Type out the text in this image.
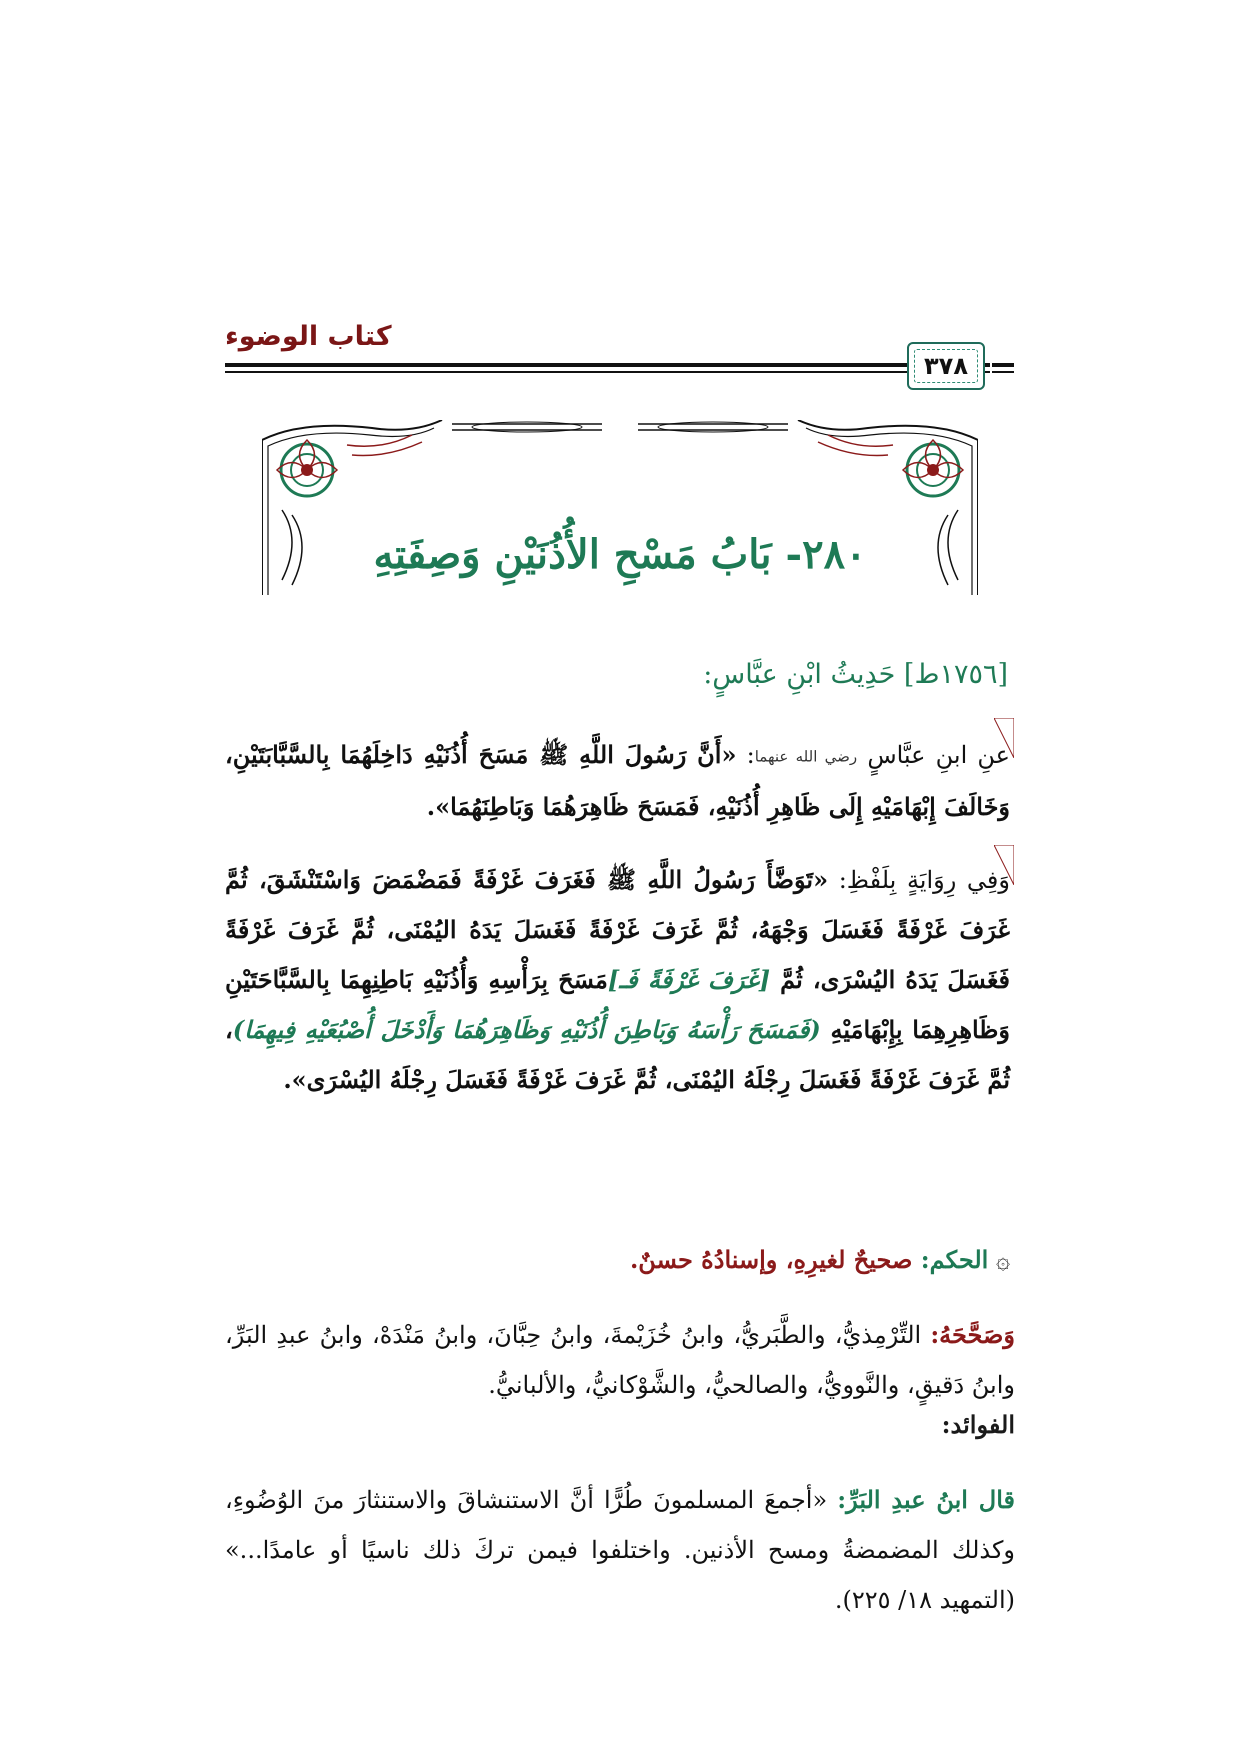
كتاب الوضوء
٣٧٨
٢٨٠- بَابُ مَسْحِ الأُذُنَيْنِ وَصِفَتِهِ
[١٧٥٦ط] حَدِيثُ ابْنِ عبَّاسٍ:
عنِ ابنِ عبَّاسٍ رضي الله عنهما: «أَنَّ رَسُولَ اللَّهِ ﷺ مَسَحَ أُذُنَيْهِ دَاخِلَهُمَا بِالسَّبَّابَتَيْنِ، وَخَالَفَ إِبْهَامَيْهِ إِلَى ظَاهِرِ أُذُنَيْهِ، فَمَسَحَ ظَاهِرَهُمَا وَبَاطِنَهُمَا».
وَفِي رِوَايَةٍ بِلَفْظِ: «تَوَضَّأَ رَسُولُ اللَّهِ ﷺ فَغَرَفَ غَرْفَةً فَمَضْمَضَ وَاسْتَنْشَقَ، ثُمَّ غَرَفَ غَرْفَةً فَغَسَلَ وَجْهَهُ، ثُمَّ غَرَفَ غَرْفَةً فَغَسَلَ يَدَهُ اليُمْنَى، ثُمَّ غَرَفَ غَرْفَةً فَغَسَلَ يَدَهُ اليُسْرَى، ثُمَّ [غَرَفَ غَرْفَةً فَـ]مَسَحَ بِرَأْسِهِ وَأُذُنَيْهِ بَاطِنِهِمَا بِالسَّبَّاحَتَيْنِ وَظَاهِرِهِمَا بِإِبْهَامَيْهِ (فَمَسَحَ رَأْسَهُ وَبَاطِنَ أُذُنَيْهِ وَظَاهِرَهُمَا وَأَدْخَلَ أُصْبُعَيْهِ فِيهِمَا)، ثُمَّ غَرَفَ غَرْفَةً فَغَسَلَ رِجْلَهُ اليُمْنَى، ثُمَّ غَرَفَ غَرْفَةً فَغَسَلَ رِجْلَهُ اليُسْرَى».
۞ الحكم: صحيحٌ لغيرِهِ، وإسنادُهُ حسنٌ.
وَصَحَّحَهُ: التِّرْمِذيُّ، والطَّبَريُّ، وابنُ خُزَيْمةَ، وابنُ حِبَّانَ، وابنُ مَنْدَهْ، وابنُ عبدِ البَرِّ، وابنُ دَقيقٍ، والنَّوويُّ، والصالحيُّ، والشَّوْكانيُّ، والألبانيُّ.
الفوائد:
قال ابنُ عبدِ البَرِّ: «أجمعَ المسلمونَ طُرًّا أنَّ الاستنشاقَ والاستنثارَ منَ الوُضُوءِ، وكذلك المضمضةُ ومسح الأذنين. واختلفوا فيمن تركَ ذلك ناسيًا أو عامدًا...» (التمهيد ١٨/ ٢٢٥).
